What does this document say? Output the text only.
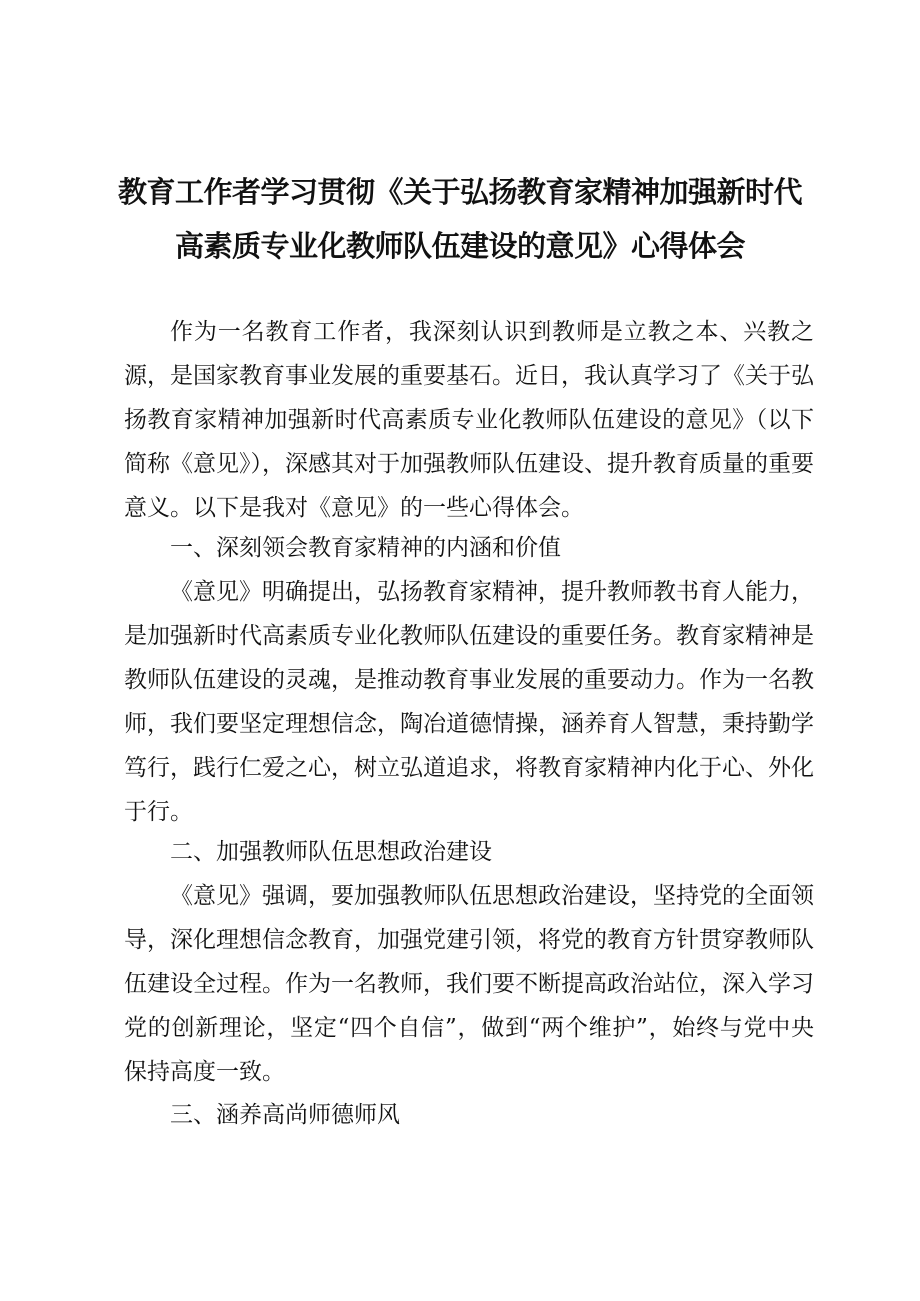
教育工作者学习贯彻《关于弘扬教育家精神加强新时代
高素质专业化教师队伍建设的意见》心得体会

作为一名教育工作者，我深刻认识到教师是立教之本、兴教之源，是国家教育事业发展的重要基石。近日，我认真学习了《关于弘扬教育家精神加强新时代高素质专业化教师队伍建设的意见》（以下简称《意见》），深感其对于加强教师队伍建设、提升教育质量的重要意义。以下是我对《意见》的一些心得体会。

一、深刻领会教育家精神的内涵和价值

《意见》明确提出，弘扬教育家精神，提升教师教书育人能力，是加强新时代高素质专业化教师队伍建设的重要任务。教育家精神是教师队伍建设的灵魂，是推动教育事业发展的重要动力。作为一名教师，我们要坚定理想信念，陶冶道德情操，涵养育人智慧，秉持勤学笃行，践行仁爱之心，树立弘道追求，将教育家精神内化于心、外化于行。

二、加强教师队伍思想政治建设

《意见》强调，要加强教师队伍思想政治建设，坚持党的全面领导，深化理想信念教育，加强党建引领，将党的教育方针贯穿教师队伍建设全过程。作为一名教师，我们要不断提高政治站位，深入学习党的创新理论，坚定“四个自信”，做到“两个维护”，始终与党中央保持高度一致。

三、涵养高尚师德师风
